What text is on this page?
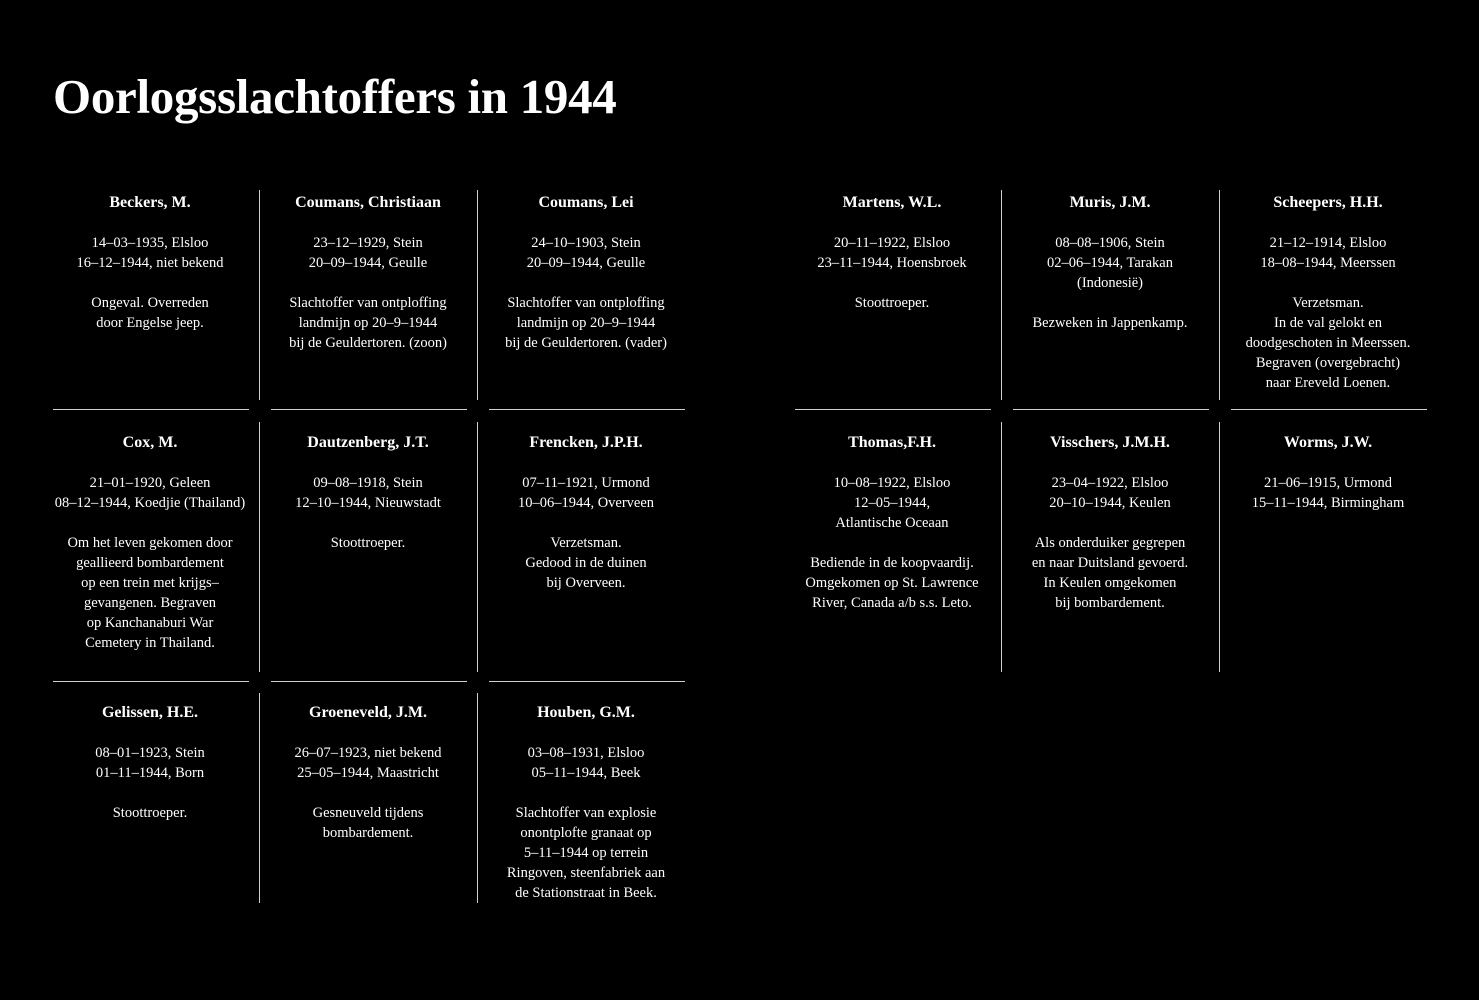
Oorlogsslachtoffers in 1944
Beckers, M.
14–03–1935, Elsloo
16–12–1944, niet bekend
Ongeval. Overreden
door Engelse jeep.
Coumans, Christiaan
23–12–1929, Stein
20–09–1944, Geulle
Slachtoffer van ontploffing
landmijn op 20–9–1944
bij de Geuldertoren. (zoon)
Coumans, Lei
24–10–1903, Stein
20–09–1944, Geulle
Slachtoffer van ontploffing
landmijn op 20–9–1944
bij de Geuldertoren. (vader)
Cox, M.
21–01–1920, Geleen
08–12–1944, Koedjie (Thailand)
Om het leven gekomen door
geallieerd bombardement
op een trein met krijgs–
gevangenen. Begraven
op Kanchanaburi War
Cemetery in Thailand.
Dautzenberg, J.T.
09–08–1918, Stein
12–10–1944, Nieuwstadt
Stoottroeper.
Frencken, J.P.H.
07–11–1921, Urmond
10–06–1944, Overveen
Verzetsman.
Gedood in de duinen
bij Overveen.
Gelissen, H.E.
08–01–1923, Stein
01–11–1944, Born
Stoottroeper.
Groeneveld, J.M.
26–07–1923, niet bekend
25–05–1944, Maastricht
Gesneuveld tijdens
bombardement.
Houben, G.M.
03–08–1931, Elsloo
05–11–1944, Beek
Slachtoffer van explosie
onontplofte granaat op
5–11–1944 op terrein
Ringoven, steenfabriek aan
de Stationstraat in Beek.
Martens, W.L.
20–11–1922, Elsloo
23–11–1944, Hoensbroek
Stoottroeper.
Muris, J.M.
08–08–1906, Stein
02–06–1944, Tarakan
(Indonesië)
Bezweken in Jappenkamp.
Scheepers, H.H.
21–12–1914, Elsloo
18–08–1944, Meerssen
Verzetsman.
In de val gelokt en
doodgeschoten in Meerssen.
Begraven (overgebracht)
naar Ereveld Loenen.
Thomas,F.H.
10–08–1922, Elsloo
12–05–1944,
Atlantische Oceaan
Bediende in de koopvaardij.
Omgekomen op St. Lawrence
River, Canada a/b s.s. Leto.
Visschers, J.M.H.
23–04–1922, Elsloo
20–10–1944, Keulen
Als onderduiker gegrepen
en naar Duitsland gevoerd.
In Keulen omgekomen
bij bombardement.
Worms, J.W.
21–06–1915, Urmond
15–11–1944, Birmingham
